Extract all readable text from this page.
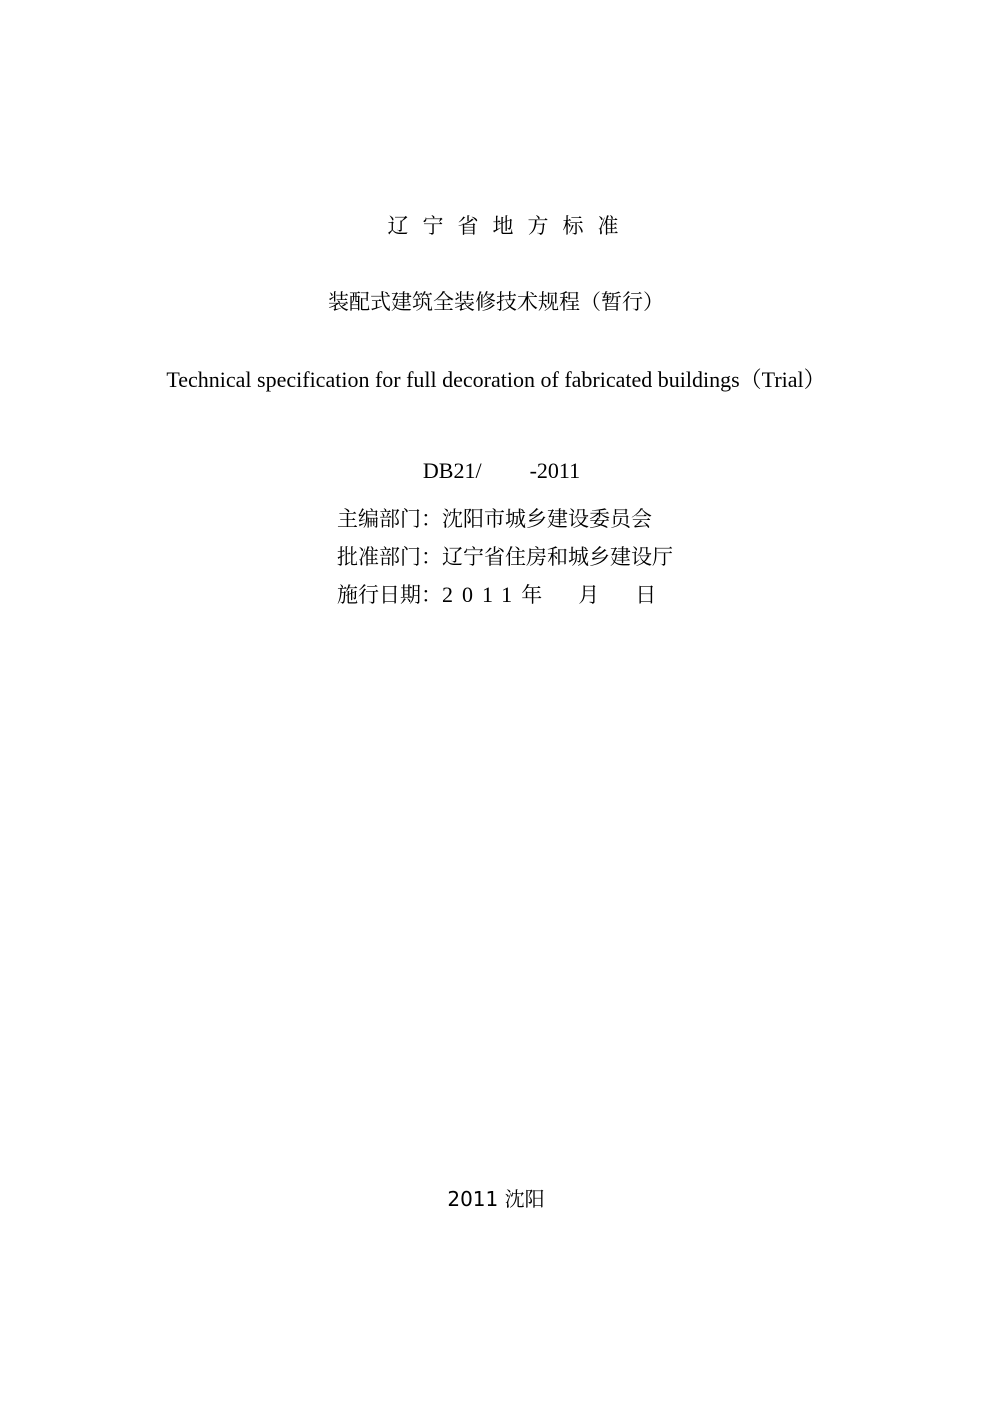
辽宁省地方标准
装配式建筑全装修技术规程（暂行）
Technical specification for full decoration of fabricated buildings（Trial）

DB21/ -2011

主编部门：沈阳市城乡建设委员会
批准部门：辽宁省住房和城乡建设厅
施行日期：2011年 月 日
2011 沈阳
